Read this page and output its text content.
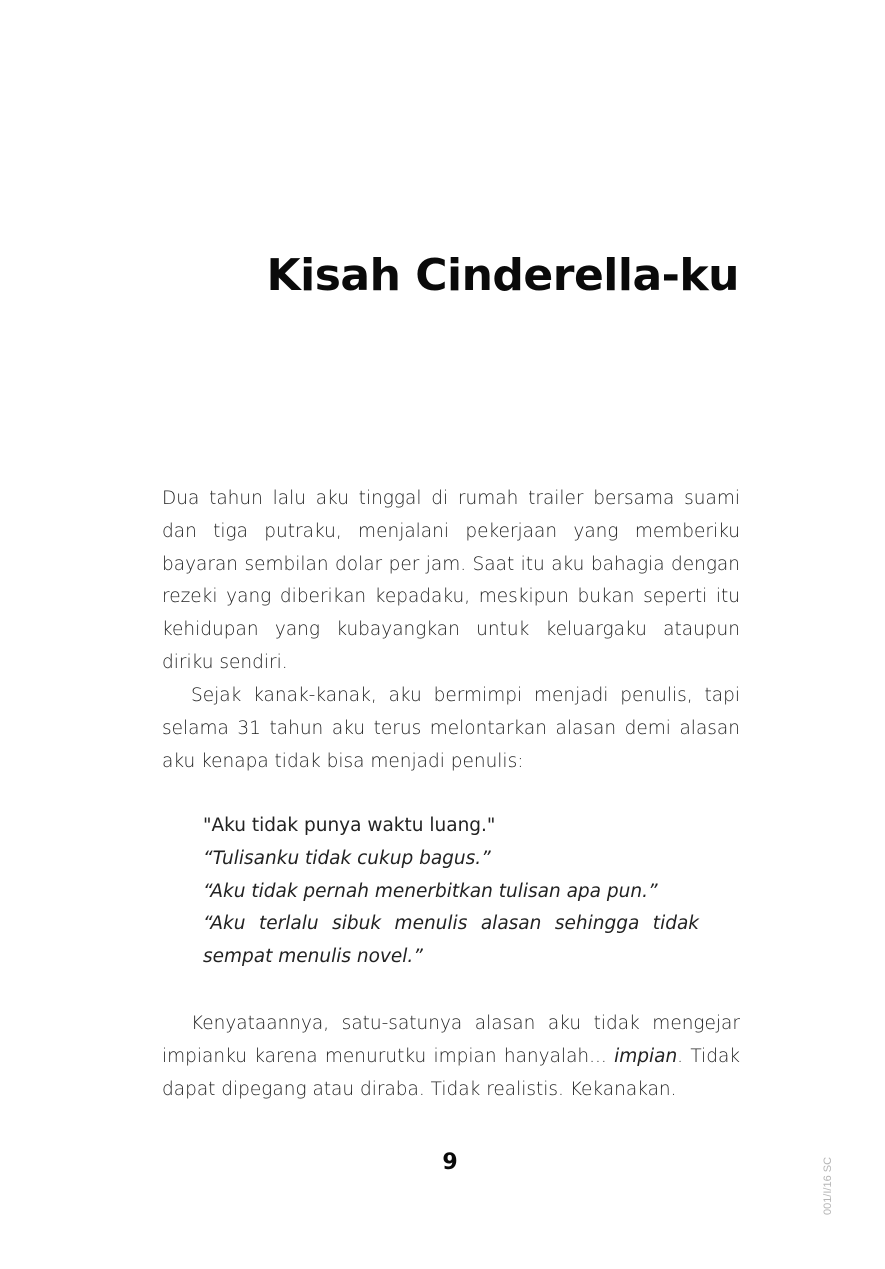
Kisah Cinderella-ku

Dua tahun lalu aku tinggal di rumah trailer bersama suami dan tiga putraku, menjalani pekerjaan yang memberiku bayaran sembilan dolar per jam. Saat itu aku bahagia dengan rezeki yang diberikan kepadaku, meskipun bukan seperti itu kehidupan yang kubayangkan untuk keluargaku ataupun diriku sendiri.

Sejak kanak-kanak, aku bermimpi menjadi penulis, tapi selama 31 tahun aku terus melontarkan alasan demi alasan aku kenapa tidak bisa menjadi penulis:

"Aku tidak punya waktu luang."
“Tulisanku tidak cukup bagus.”
“Aku tidak pernah menerbitkan tulisan apa pun.”
“Aku terlalu sibuk menulis alasan sehingga tidak sempat menulis novel.”

Kenyataannya, satu-satunya alasan aku tidak mengejar impianku karena menurutku impian hanyalah... impian. Tidak dapat dipegang atau diraba. Tidak realistis. Kekanakan.

9	001/I/16 SC
